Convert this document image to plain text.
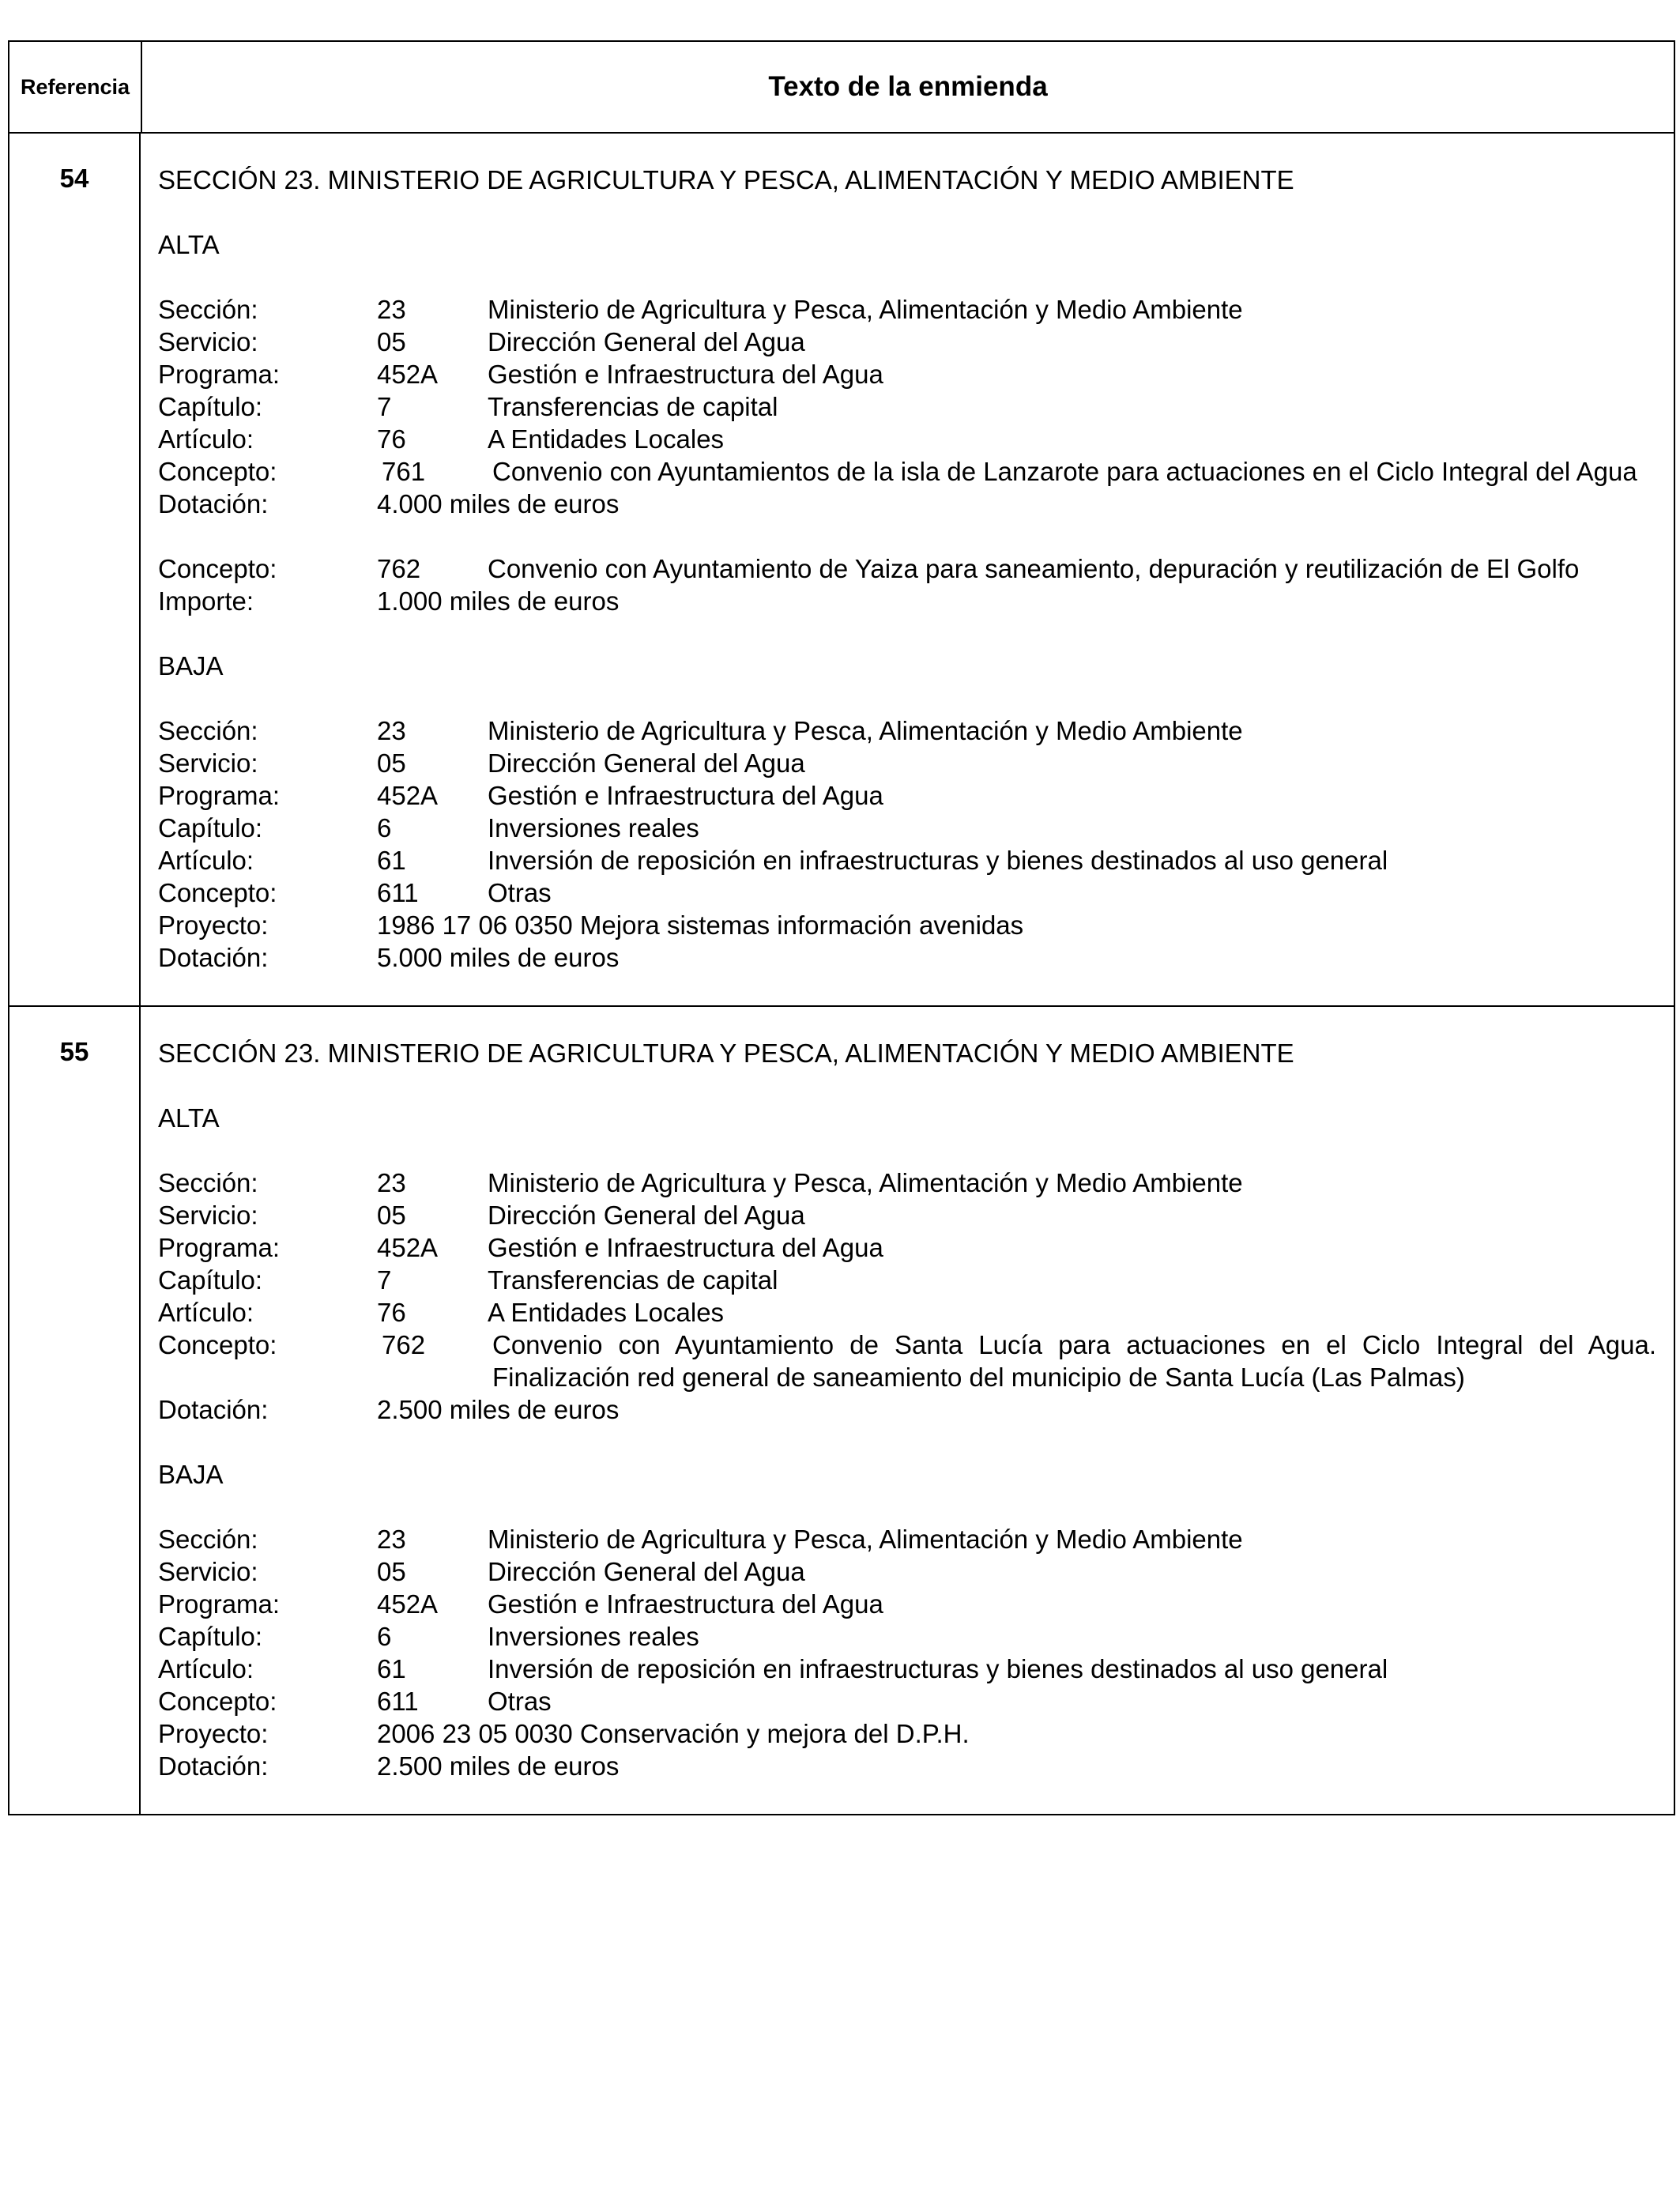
Referencia	Texto de la enmienda
54	SECCIÓN 23. MINISTERIO DE AGRICULTURA Y PESCA, ALIMENTACIÓN Y MEDIO AMBIENTE
ALTA
Sección:	23	Ministerio de Agricultura y Pesca, Alimentación y Medio Ambiente
Servicio:	05	Dirección General del Agua
Programa:	452A	Gestión e Infraestructura del Agua
Capítulo:	7	Transferencias de capital
Artículo:	76	A Entidades Locales
Concepto:	761	Convenio con Ayuntamientos de la isla de Lanzarote para actuaciones en el Ciclo Integral del Agua
Dotación:	4.000 miles de euros
Concepto:	762	Convenio con Ayuntamiento de Yaiza para saneamiento, depuración y reutilización de El Golfo
Importe:	1.000 miles de euros
BAJA
Sección:	23	Ministerio de Agricultura y Pesca, Alimentación y Medio Ambiente
Servicio:	05	Dirección General del Agua
Programa:	452A	Gestión e Infraestructura del Agua
Capítulo:	6	Inversiones reales
Artículo:	61	Inversión de reposición en infraestructuras y bienes destinados al uso general
Concepto:	611	Otras
Proyecto:	1986 17 06 0350 Mejora sistemas información avenidas
Dotación:	5.000 miles de euros
55	SECCIÓN 23. MINISTERIO DE AGRICULTURA Y PESCA, ALIMENTACIÓN Y MEDIO AMBIENTE
ALTA
Sección:	23	Ministerio de Agricultura y Pesca, Alimentación y Medio Ambiente
Servicio:	05	Dirección General del Agua
Programa:	452A	Gestión e Infraestructura del Agua
Capítulo:	7	Transferencias de capital
Artículo:	76	A Entidades Locales
Concepto:	762	Convenio con Ayuntamiento de Santa Lucía para actuaciones en el Ciclo Integral del Agua. Finalización red general de saneamiento del municipio de Santa Lucía (Las Palmas)
Dotación:	2.500 miles de euros
BAJA
Sección:	23	Ministerio de Agricultura y Pesca, Alimentación y Medio Ambiente
Servicio:	05	Dirección General del Agua
Programa:	452A	Gestión e Infraestructura del Agua
Capítulo:	6	Inversiones reales
Artículo:	61	Inversión de reposición en infraestructuras y bienes destinados al uso general
Concepto:	611	Otras
Proyecto:	2006 23 05 0030 Conservación y mejora del D.P.H.
Dotación:	2.500 miles de euros
